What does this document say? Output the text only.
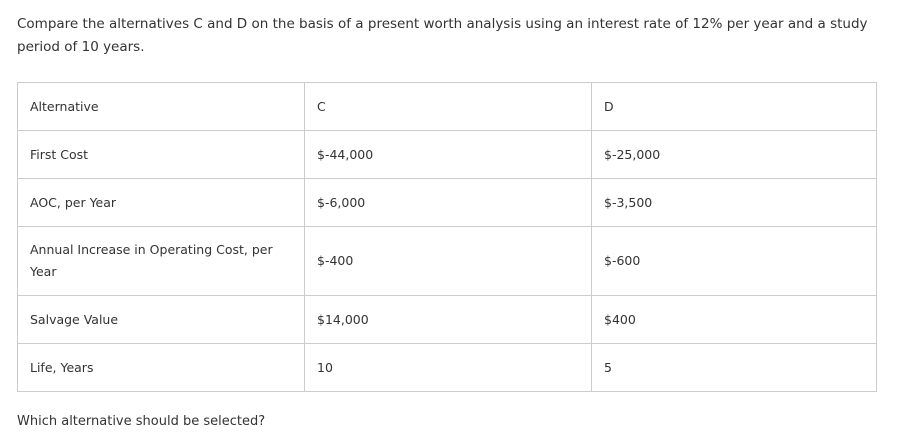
Compare the alternatives C and D on the basis of a present worth analysis using an interest rate of 12% per year and a study period of 10 years.

Alternative	C	D
First Cost	$-44,000	$-25,000
AOC, per Year	$-6,000	$-3,500
Annual Increase in Operating Cost, per Year	$-400	$-600
Salvage Value	$14,000	$400
Life, Years	10	5

Which alternative should be selected?
